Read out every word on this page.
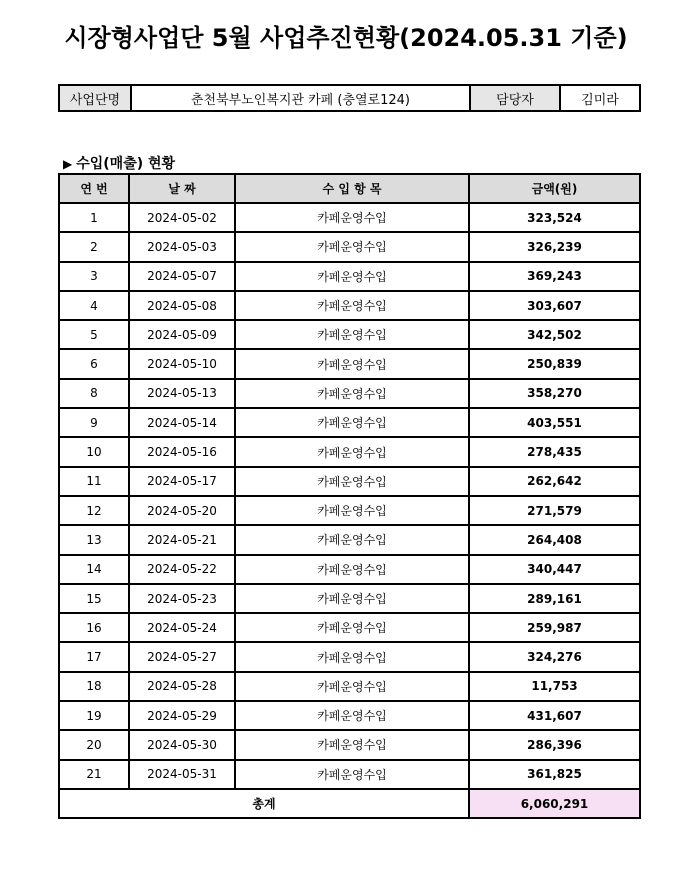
시장형사업단 5월 사업추진현황(2024.05.31 기준)
사업단명	춘천북부노인복지관 카페 (충열로124)	담당자	김미라
▶ 수입(매출) 현황
연 번	날 짜	수 입 항 목	금액(원)
1	2024-05-02	카페운영수입	323,524
2	2024-05-03	카페운영수입	326,239
3	2024-05-07	카페운영수입	369,243
4	2024-05-08	카페운영수입	303,607
5	2024-05-09	카페운영수입	342,502
6	2024-05-10	카페운영수입	250,839
8	2024-05-13	카페운영수입	358,270
9	2024-05-14	카페운영수입	403,551
10	2024-05-16	카페운영수입	278,435
11	2024-05-17	카페운영수입	262,642
12	2024-05-20	카페운영수입	271,579
13	2024-05-21	카페운영수입	264,408
14	2024-05-22	카페운영수입	340,447
15	2024-05-23	카페운영수입	289,161
16	2024-05-24	카페운영수입	259,987
17	2024-05-27	카페운영수입	324,276
18	2024-05-28	카페운영수입	11,753
19	2024-05-29	카페운영수입	431,607
20	2024-05-30	카페운영수입	286,396
21	2024-05-31	카페운영수입	361,825
총계			6,060,291
